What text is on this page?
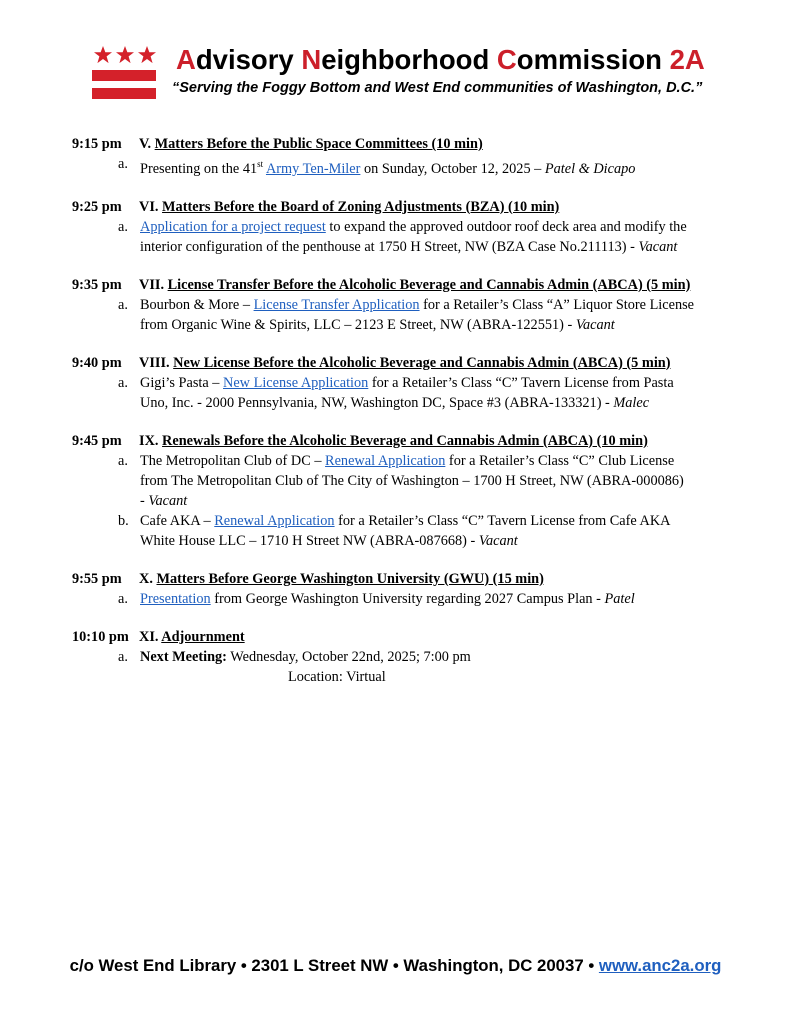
Advisory Neighborhood Commission 2A
“Serving the Foggy Bottom and West End communities of Washington, D.C.”
9:15 pm V. Matters Before the Public Space Committees (10 min)
a. Presenting on the 41st Army Ten-Miler on Sunday, October 12, 2025 – Patel & Dicapo
9:25 pm VI. Matters Before the Board of Zoning Adjustments (BZA) (10 min)
a. Application for a project request to expand the approved outdoor roof deck area and modify the
interior configuration of the penthouse at 1750 H Street, NW (BZA Case No.211113) - Vacant
9:35 pm VII. License Transfer Before the Alcoholic Beverage and Cannabis Admin (ABCA) (5 min)
a. Bourbon & More – License Transfer Application for a Retailer’s Class “A” Liquor Store License
from Organic Wine & Spirits, LLC – 2123 E Street, NW (ABRA-122551) - Vacant
9:40 pm VIII. New License Before the Alcoholic Beverage and Cannabis Admin (ABCA) (5 min)
a. Gigi’s Pasta – New License Application for a Retailer’s Class “C” Tavern License from Pasta
Uno, Inc. - 2000 Pennsylvania, NW, Washington DC, Space #3 (ABRA-133321) - Malec
9:45 pm IX. Renewals Before the Alcoholic Beverage and Cannabis Admin (ABCA) (10 min)
a. The Metropolitan Club of DC – Renewal Application for a Retailer’s Class “C” Club License
from The Metropolitan Club of The City of Washington – 1700 H Street, NW (ABRA-000086)
- Vacant
b. Cafe AKA – Renewal Application for a Retailer’s Class “C” Tavern License from Cafe AKA
White House LLC – 1710 H Street NW (ABRA-087668) - Vacant
9:55 pm X. Matters Before George Washington University (GWU) (15 min)
a. Presentation from George Washington University regarding 2027 Campus Plan - Patel
10:10 pm XI. Adjournment
a. Next Meeting: Wednesday, October 22nd, 2025; 7:00 pm
Location: Virtual
c/o West End Library • 2301 L Street NW • Washington, DC 20037 • www.anc2a.org
